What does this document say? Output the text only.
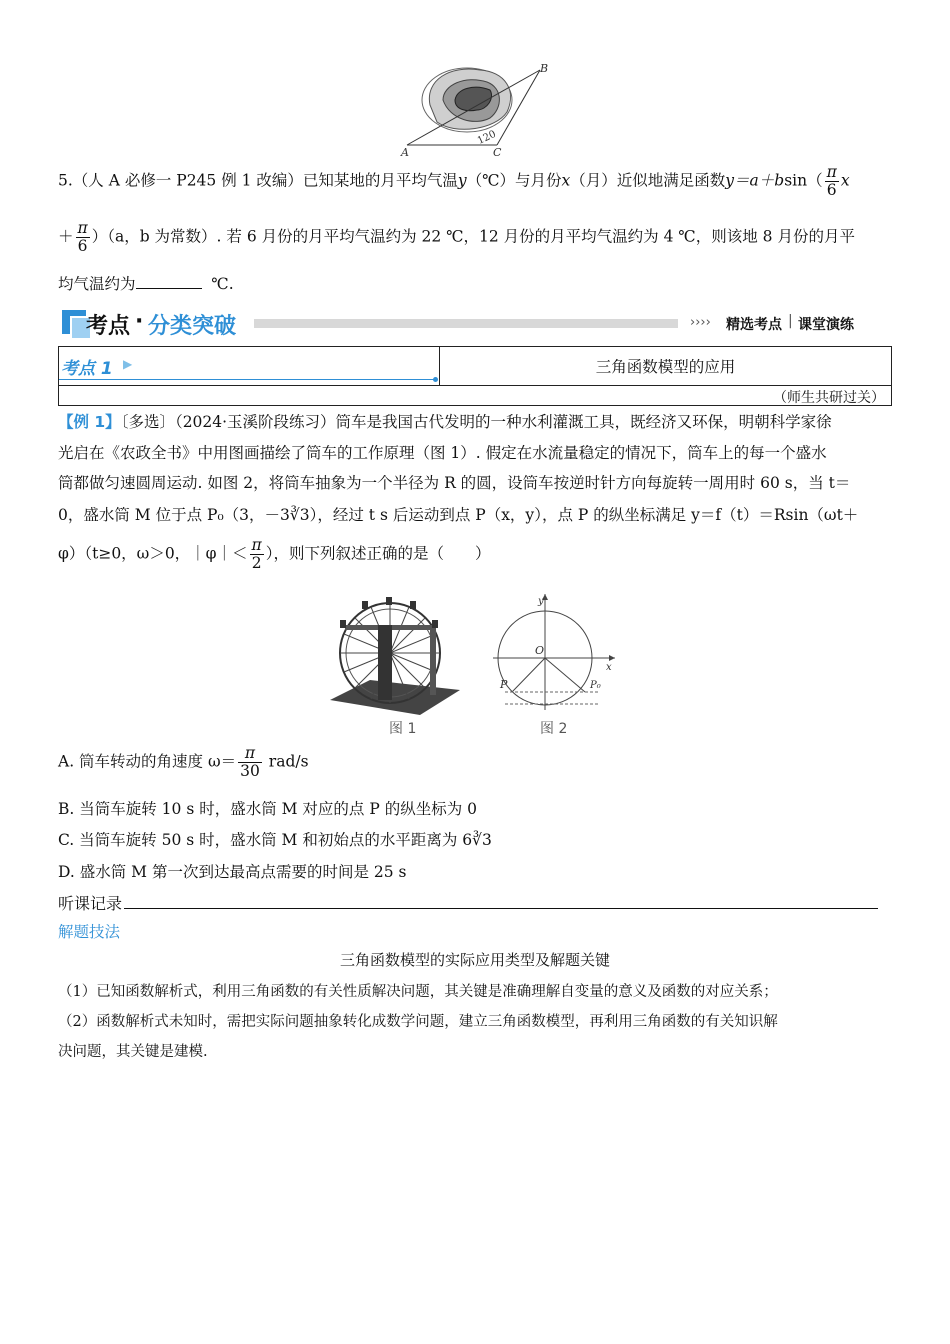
A
B
C
120
5.（人 A 必修一 P245 例 1 改编）已知某地的月平均气温y（℃）与月份x（月）近似地满足函数$y=a+bsin( \frac{\pi}{6}$ x
＋ $\frac{\pi}{6} )(a$，b 为常数）. 若 6 月份的月平均气温约为 22 ℃，12 月份的月平均气温约为 4 ℃，则该地 8 月份的月平
均气温约为	℃.
考点 · 分类突破	›››› 精选考点 | 课堂演练
考点 1 ▶	三角函数模型的应用
（师生共研过关）
【例 1】〔多选〕（2024·玉溪阶段练习）筒车是我国古代发明的一种水利灌溉工具，既经济又环保，明朝科学家徐
光启在《农政全书》中用图画描绘了筒车的工作原理（图 1）. 假定在水流量稳定的情况下，筒车上的每一个盛水
筒都做匀速圆周运动. 如图 2，将筒车抽象为一个半径为 R 的圆，设筒车按逆时针方向每旋转一周用时 60 s，当 t＝
0，盛水筒 M 位于点 P₀（3，－3∛3），经过 t s 后运动到点 P（x，y），点 P 的纵坐标满足 y＝f（t）＝Rsin（ωt＋
φ）（t≥0，ω＞0，｜φ｜＜ $\frac{\pi}{2}$ ），则下列叙述正确的是（　　）
图 1
y
x
O
P	P₀
图 2
A. 筒车转动的角速度 $\omega= \frac{\pi}{30} rad/s$
B. 当筒车旋转 10 s 时，盛水筒 M 对应的点 P 的纵坐标为 0
C. 当筒车旋转 50 s 时，盛水筒 M 和初始点的水平距离为 6∛3
D. 盛水筒 M 第一次到达最高点需要的时间是 25 s
听课记录
解题技法
三角函数模型的实际应用类型及解题关键
（1）已知函数解析式，利用三角函数的有关性质解决问题，其关键是准确理解自变量的意义及函数的对应关系；
（2）函数解析式未知时，需把实际问题抽象转化成数学问题，建立三角函数模型，再利用三角函数的有关知识解
决问题，其关键是建模.
